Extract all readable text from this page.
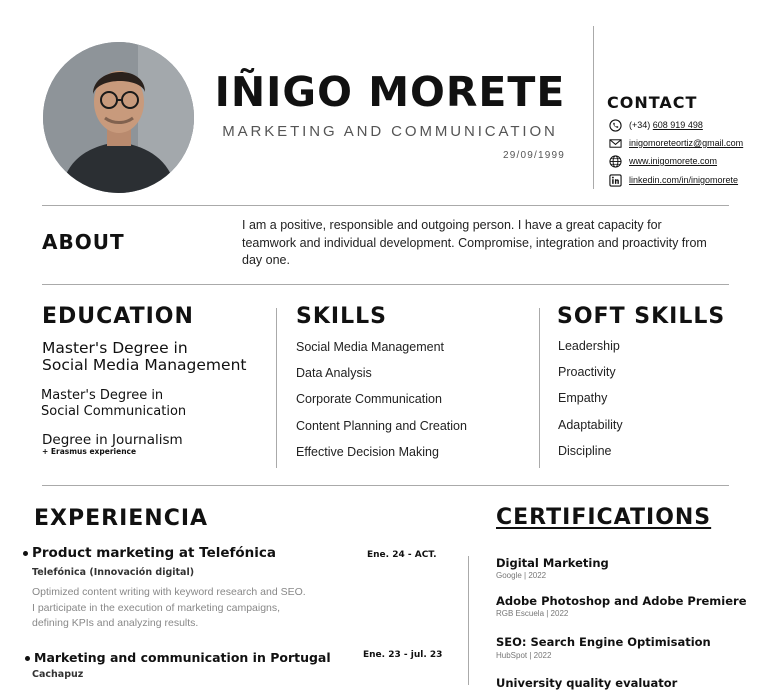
IÑIGO MORETE
MARKETING AND COMMUNICATION
29/09/1999
CONTACT
(+34)
608 919 498
inigomoreteortiz@gmail.com
www.inigomorete.com
linkedin.com/in/inigomorete
ABOUT
I am a positive, responsible and outgoing person. I have a great capacity for teamwork and individual development. Compromise, integration and proactivity from day one.
EDUCATION
Master's Degree in
Social Media Management
Master's Degree in
Social Communication
Degree in Journalism
+ Erasmus experience
SKILLS
Social Media Management
Data Analysis
Corporate Communication
Content Planning and Creation
Effective Decision Making
SOFT SKILLS
Leadership
Proactivity
Empathy
Adaptability
Discipline
EXPERIENCIA
Product marketing at Telefónica	Ene. 24 - ACT.
Telefónica (Innovación digital)
Optimized content writing with keyword research and SEO.
I participate in the execution of marketing campaigns,
defining KPIs and analyzing results.
Marketing and communication in Portugal	Ene. 23 - jul. 23
Cachapuz
CERTIFICATIONS
Digital Marketing
Google | 2022
Adobe Photoshop and Adobe Premiere
RGB Escuela | 2022
SEO: Search Engine Optimisation
HubSpot | 2022
University quality evaluator
